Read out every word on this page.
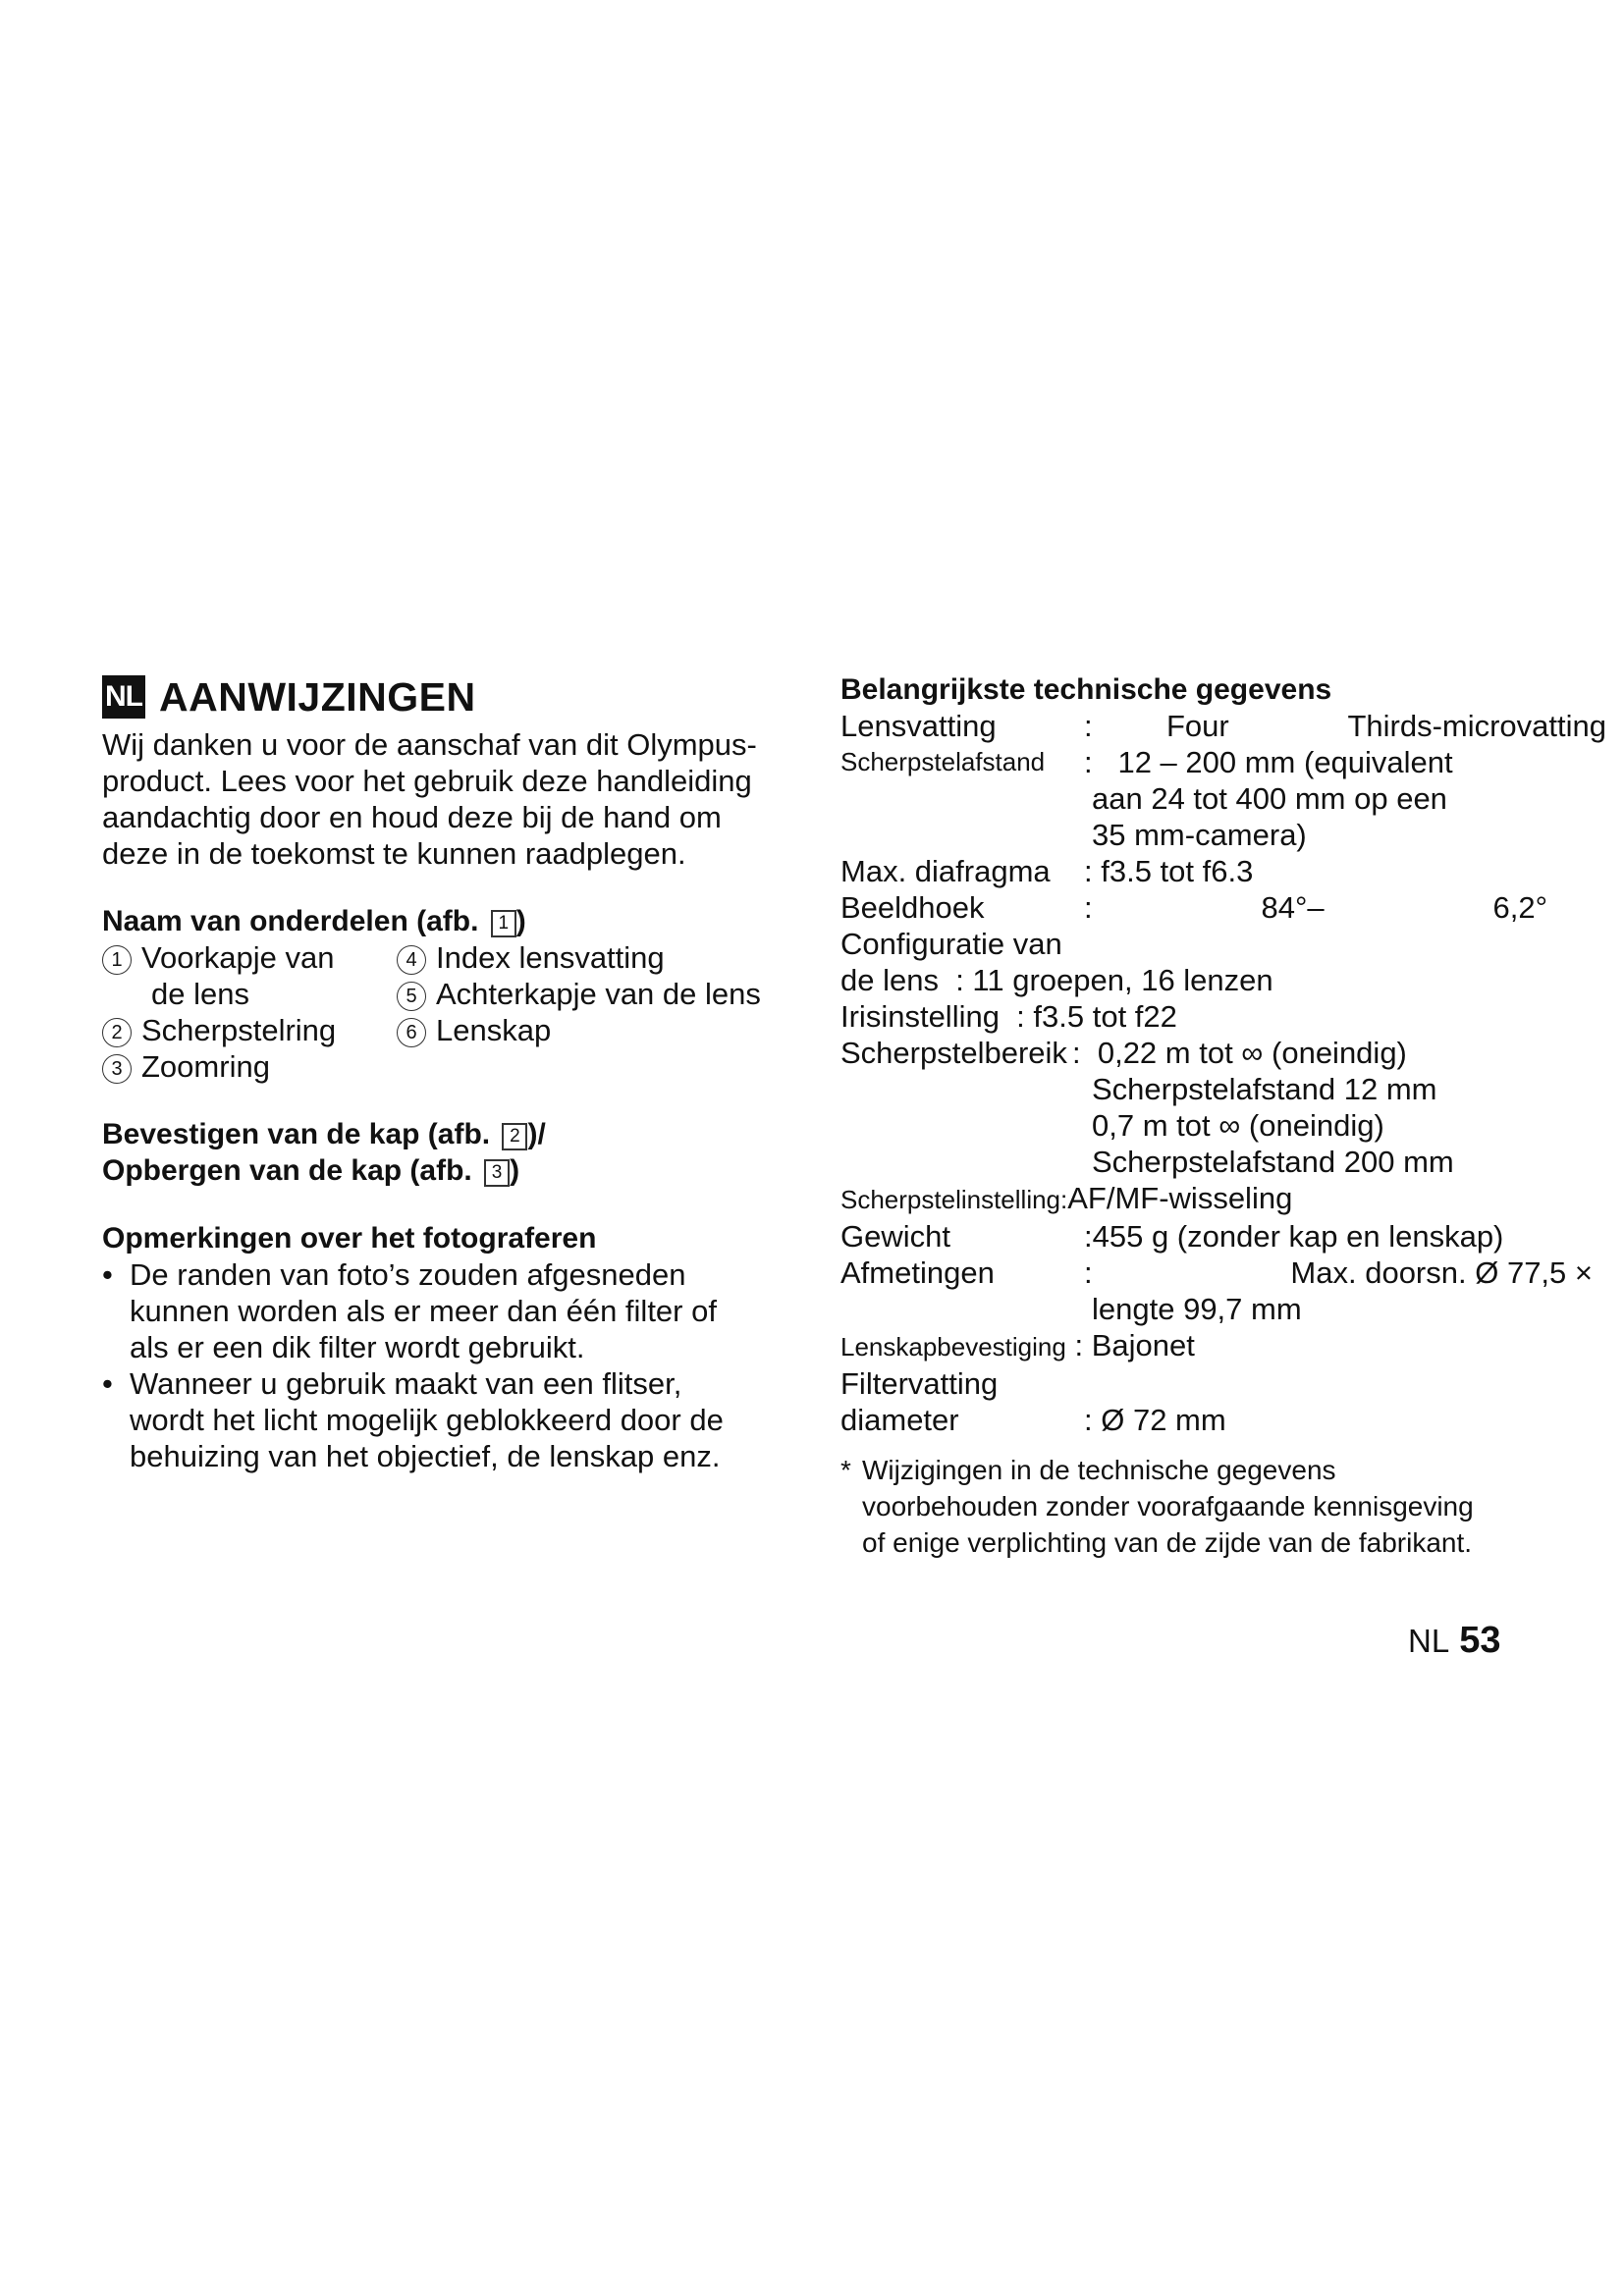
NL AANWIJZINGEN
Wij danken u voor de aanschaf van dit Olympus-
product. Lees voor het gebruik deze handleiding
aandachtig door en houd deze bij de hand om
deze in de toekomst te kunnen raadplegen.
Naam van onderdelen (afb. 1 )
1 Voorkapje van	4 Index lensvatting
de lens	5 Achterkapje van de lens
2 Scherpstelring	6 Lenskap
3 Zoomring
Bevestigen van de kap (afb. 2 )/
Opbergen van de kap (afb. 3 )
Opmerkingen over het fotograferen
• De randen van foto’s zouden afgesneden
kunnen worden als er meer dan één filter of
als er een dik filter wordt gebruikt.
• Wanneer u gebruik maakt van een flitser,
wordt het licht mogelijk geblokkeerd door de
behuizing van het objectief, de lenskap enz.
Belangrijkste technische gegevens
Lensvatting	:	Four	Thirds-microvatting
Scherpstelafstand	:   12 – 200 mm (equivalent
aan 24 tot 400 mm op een
35 mm-camera)
Max. diafragma	: f3.5 tot f6.3
Beeldhoek	:	84°–	6,2°
Configuratie van
de lens  : 11 groepen, 16 lenzen
Irisinstelling  : f3.5 tot f22
Scherpstelbereik :  0,22 m tot ∞ (oneindig)
Scherpstelafstand 12 mm
0,7 m tot ∞ (oneindig)
Scherpstelafstand 200 mm
Scherpstelinstelling:AF/MF-wisseling
Gewicht	:455 g (zonder kap en lenskap)
Afmetingen	:	Max. doorsn. Ø 77,5 ×
lengte 99,7 mm
Lenskapbevestiging : Bajonet
Filtervatting
diameter	: Ø 72 mm
* Wijzigingen in de technische gegevens
voorbehouden zonder voorafgaande kennisgeving
of enige verplichting van de zijde van de fabrikant.
NL 53
